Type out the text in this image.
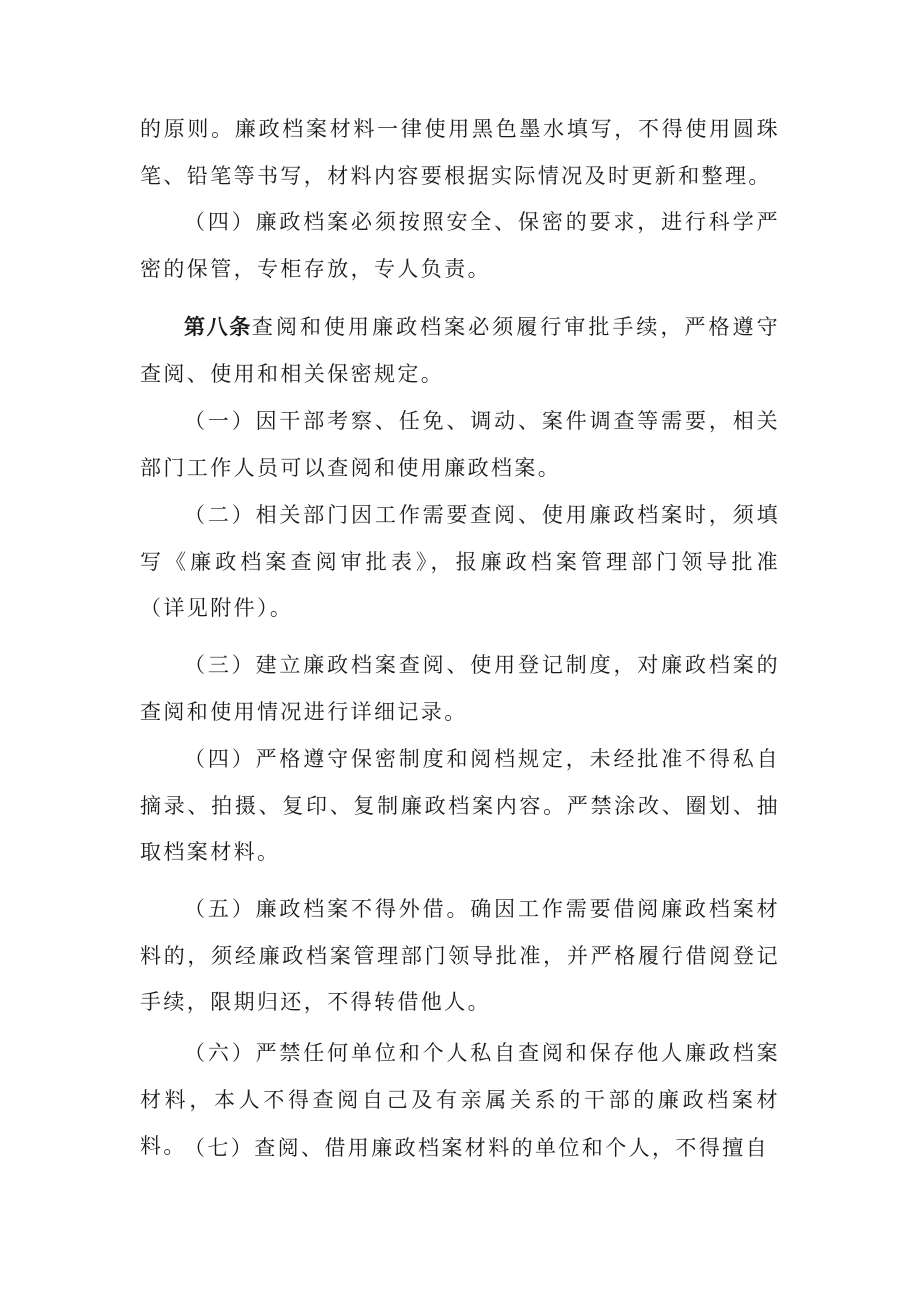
的原则。廉政档案材料一律使用黑色墨水填写，不得使用圆珠笔、铅笔等书写，材料内容要根据实际情况及时更新和整理。

（四）廉政档案必须按照安全、保密的要求，进行科学严密的保管，专柜存放，专人负责。

第八条查阅和使用廉政档案必须履行审批手续，严格遵守查阅、使用和相关保密规定。

（一）因干部考察、任免、调动、案件调查等需要，相关部门工作人员可以查阅和使用廉政档案。

（二）相关部门因工作需要查阅、使用廉政档案时，须填写《廉政档案查阅审批表》，报廉政档案管理部门领导批准（详见附件）。

（三）建立廉政档案查阅、使用登记制度，对廉政档案的查阅和使用情况进行详细记录。

（四）严格遵守保密制度和阅档规定，未经批准不得私自摘录、拍摄、复印、复制廉政档案内容。严禁涂改、圈划、抽取档案材料。

（五）廉政档案不得外借。确因工作需要借阅廉政档案材料的，须经廉政档案管理部门领导批准，并严格履行借阅登记手续，限期归还，不得转借他人。

（六）严禁任何单位和个人私自查阅和保存他人廉政档案材料，本人不得查阅自己及有亲属关系的干部的廉政档案材料。

（七）查阅、借用廉政档案材料的单位和个人，不得擅自
